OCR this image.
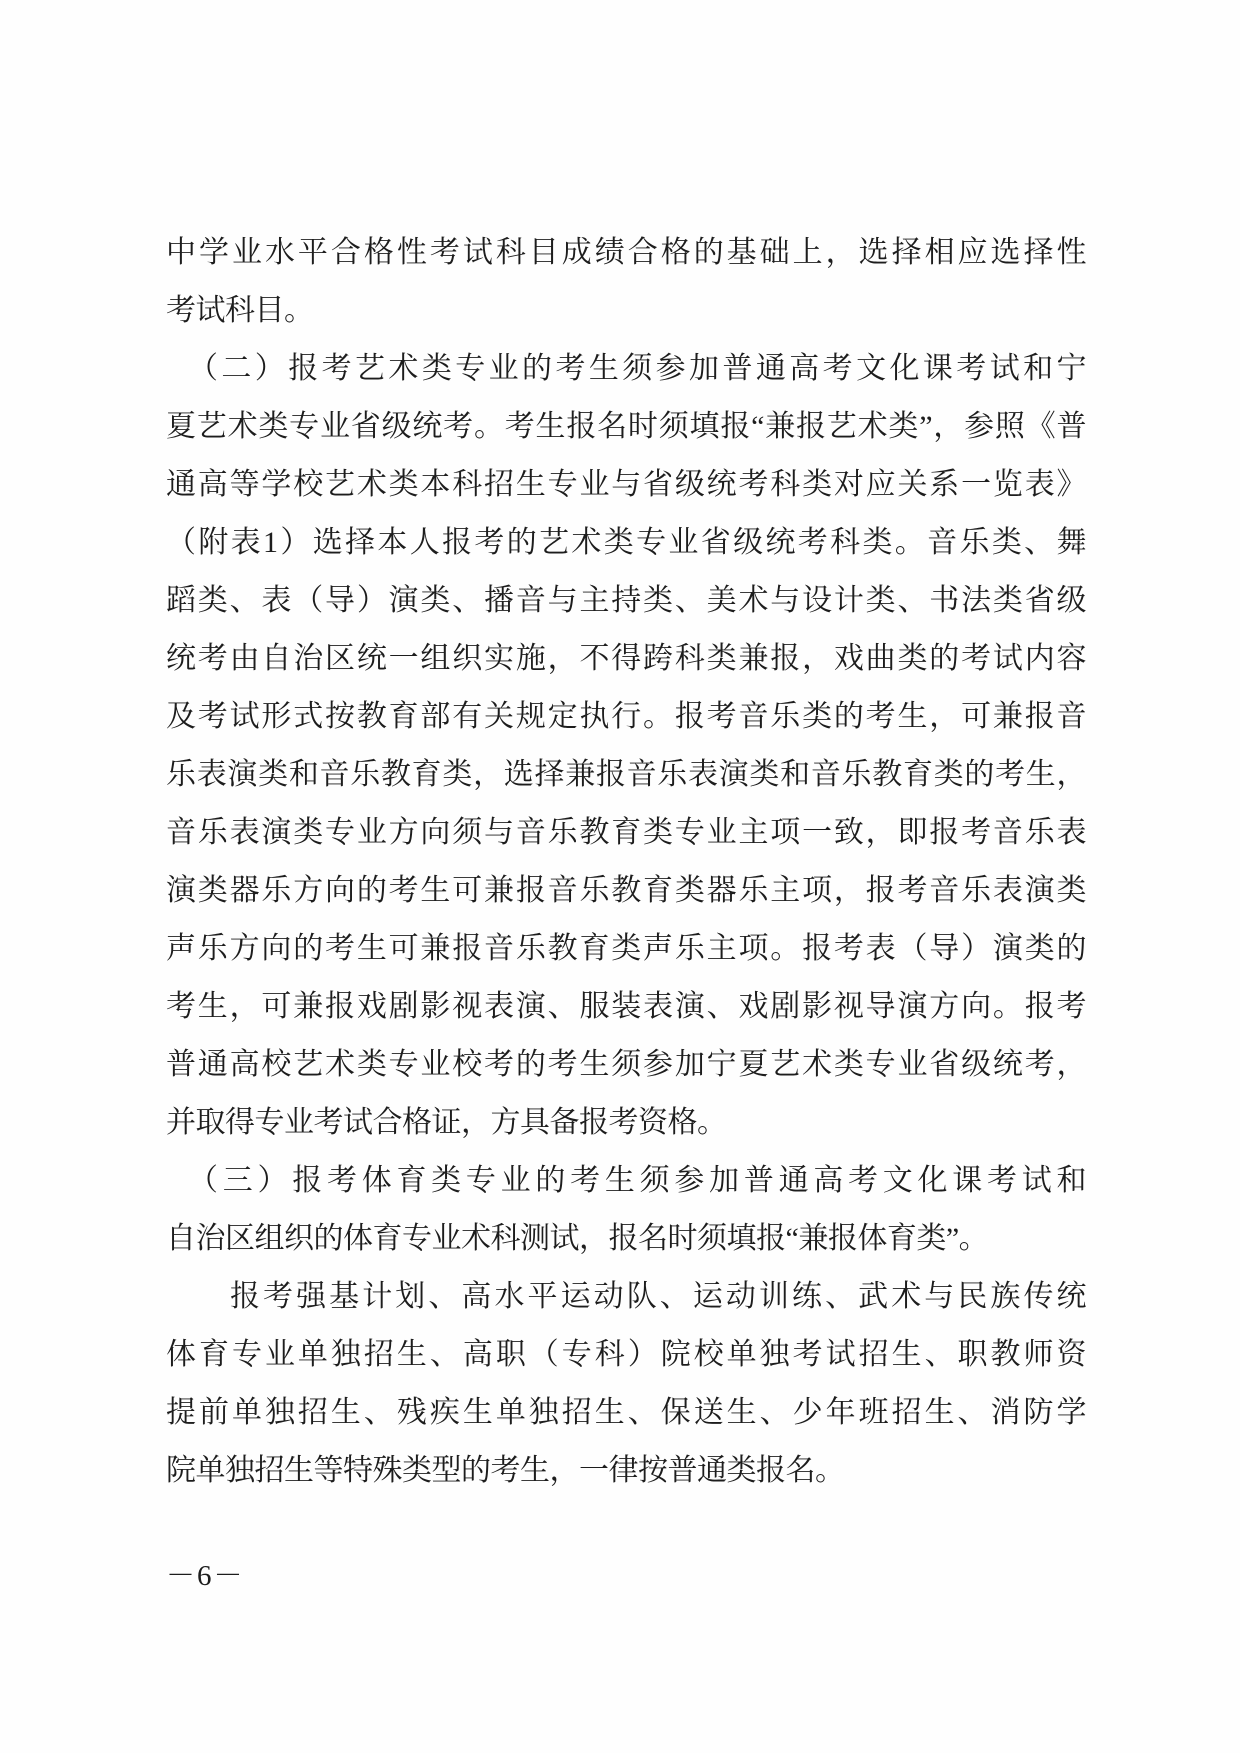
中学业水平合格性考试科目成绩合格的基础上，选择相应选择性
考试科目。
（二）报考艺术类专业的考生须参加普通高考文化课考试和宁
夏艺术类专业省级统考。考生报名时须填报“兼报艺术类”，参照《普
通高等学校艺术类本科招生专业与省级统考科类对应关系一览表》
（附表1）选择本人报考的艺术类专业省级统考科类。音乐类、舞
蹈类、表（导）演类、播音与主持类、美术与设计类、书法类省级
统考由自治区统一组织实施，不得跨科类兼报，戏曲类的考试内容
及考试形式按教育部有关规定执行。报考音乐类的考生，可兼报音
乐表演类和音乐教育类，选择兼报音乐表演类和音乐教育类的考生，
音乐表演类专业方向须与音乐教育类专业主项一致，即报考音乐表
演类器乐方向的考生可兼报音乐教育类器乐主项，报考音乐表演类
声乐方向的考生可兼报音乐教育类声乐主项。报考表（导）演类的
考生，可兼报戏剧影视表演、服装表演、戏剧影视导演方向。报考
普通高校艺术类专业校考的考生须参加宁夏艺术类专业省级统考，
并取得专业考试合格证，方具备报考资格。
（三）报考体育类专业的考生须参加普通高考文化课考试和
自治区组织的体育专业术科测试，报名时须填报“兼报体育类”。
报考强基计划、高水平运动队、运动训练、武术与民族传统
体育专业单独招生、高职（专科）院校单独考试招生、职教师资
提前单独招生、残疾生单独招生、保送生、少年班招生、消防学
院单独招生等特殊类型的考生，一律按普通类报名。
－6－
